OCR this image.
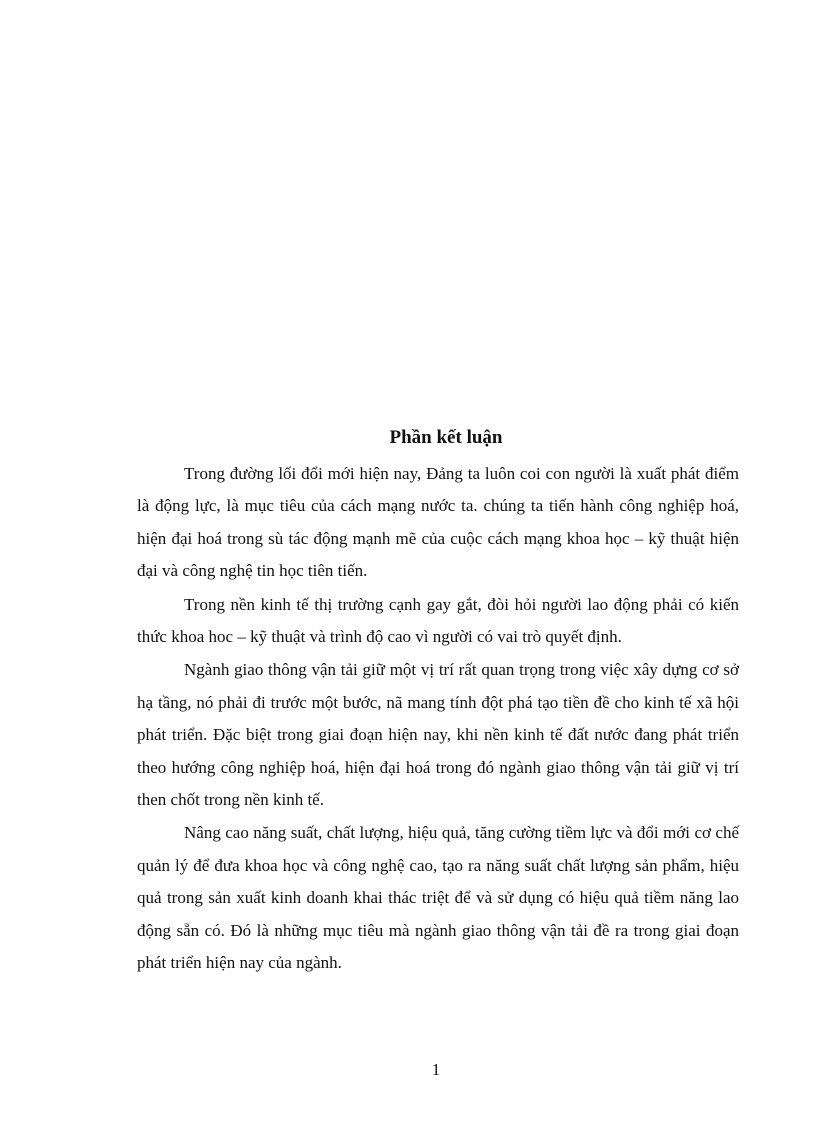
Phần kết luận

Trong đường lối đổi mới hiện nay, Đảng ta luôn coi con người là xuất phát điểm là động lực, là mục tiêu của cách mạng nước ta. chúng ta tiến hành công nghiệp hoá, hiện đại hoá trong sù tác động mạnh mẽ của cuộc cách mạng khoa học – kỹ thuật hiện đại và công nghệ tin học tiên tiến.

Trong nền kinh tế thị trường cạnh gay gắt, đòi hỏi người lao động phải có kiến thức khoa hoc – kỹ thuật và trình độ cao vì người có vai trò quyết định.

Ngành giao thông vận tải giữ một vị trí rất quan trọng trong việc xây dựng cơ sở hạ tầng, nó phải đi trước một bước, nã mang tính đột phá tạo tiền đề cho kinh tế xã hội phát triển. Đặc biệt trong giai đoạn hiện nay, khi nền kinh tế đất nước đang phát triển theo hướng công nghiệp hoá, hiện đại hoá trong đó ngành giao thông vận tải giữ vị trí then chốt trong nền kinh tế.

Nâng cao năng suất, chất lượng, hiệu quả, tăng cường tiềm lực và đổi mới cơ chế quản lý để đưa khoa học và công nghệ cao, tạo ra năng suất chất lượng sản phẩm, hiệu quả trong sản xuất kinh doanh khai thác triệt để và sử dụng có hiệu quả tiềm năng lao động sẵn có. Đó là những mục tiêu mà ngành giao thông vận tải đề ra trong giai đoạn phát triển hiện nay của ngành.

1
